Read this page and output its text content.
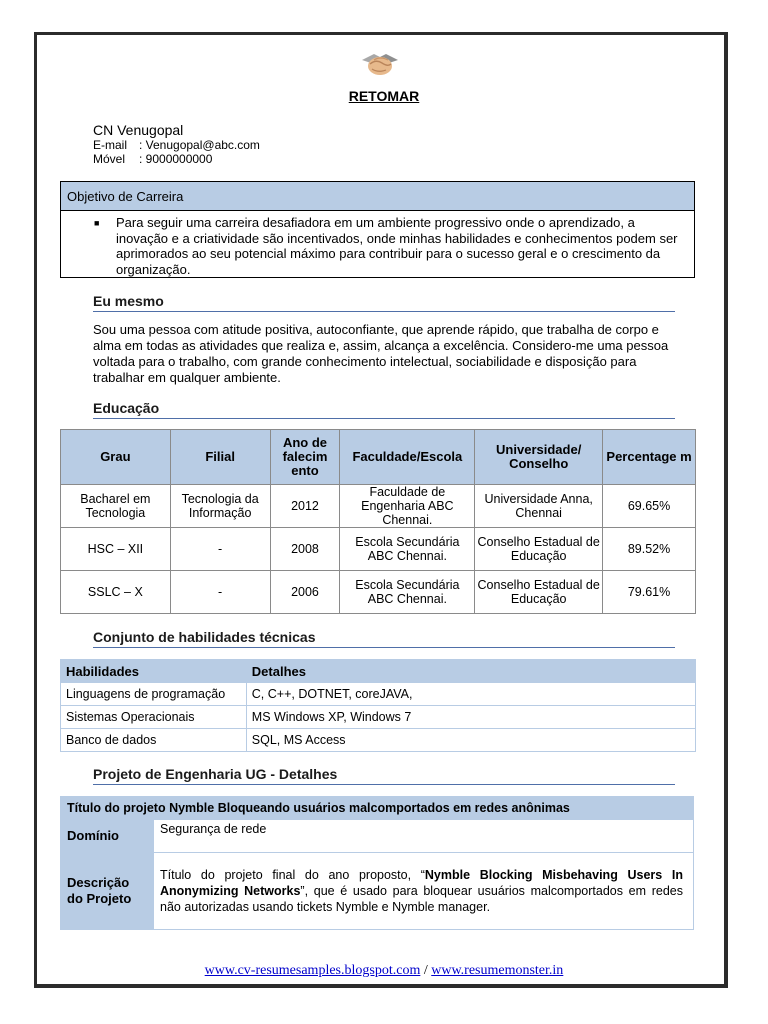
RETOMAR
CN Venugopal
E-mail : Venugopal@abc.com
Móvel : 9000000000
Objetivo de Carreira
■ Para seguir uma carreira desafiadora em um ambiente progressivo onde o aprendizado, a inovação e a criatividade são incentivados, onde minhas habilidades e conhecimentos podem ser aprimorados ao seu potencial máximo para contribuir para o sucesso geral e o crescimento da organização.
Eu mesmo
Sou uma pessoa com atitude positiva, autoconfiante, que aprende rápido, que trabalha de corpo e alma em todas as atividades que realiza e, assim, alcança a excelência. Considero-me uma pessoa voltada para o trabalho, com grande conhecimento intelectual, sociabilidade e disposição para trabalhar em qualquer ambiente.
Educação
Grau	Filial	Ano de falecim ento	Faculdade/Escola	Universidade/ Conselho	Percentage m
Bacharel em Tecnologia	Tecnologia da Informação	2012	Faculdade de Engenharia ABC Chennai.	Universidade Anna, Chennai	69.65%
HSC – XII	-	2008	Escola Secundária ABC Chennai.	Conselho Estadual de Educação	89.52%
SSLC – X	-	2006	Escola Secundária ABC Chennai.	Conselho Estadual de Educação	79.61%
Conjunto de habilidades técnicas
Habilidades	Detalhes
Linguagens de programação	C, C++, DOTNET, coreJAVA,
Sistemas Operacionais	MS Windows XP, Windows 7
Banco de dados	SQL, MS Access
Projeto de Engenharia UG - Detalhes
Título do projeto Nymble Bloqueando usuários malcomportados em redes anônimas	
Domínio	Segurança de rede
Descrição do Projeto	Título do projeto final do ano proposto, “Nymble Blocking Misbehaving Users In Anonymizing Networks”, que é usado para bloquear usuários malcomportados em redes não autorizadas usando tickets Nymble e Nymble manager.
www.cv-resumesamples.blogspot.com / www.resumemonster.in
